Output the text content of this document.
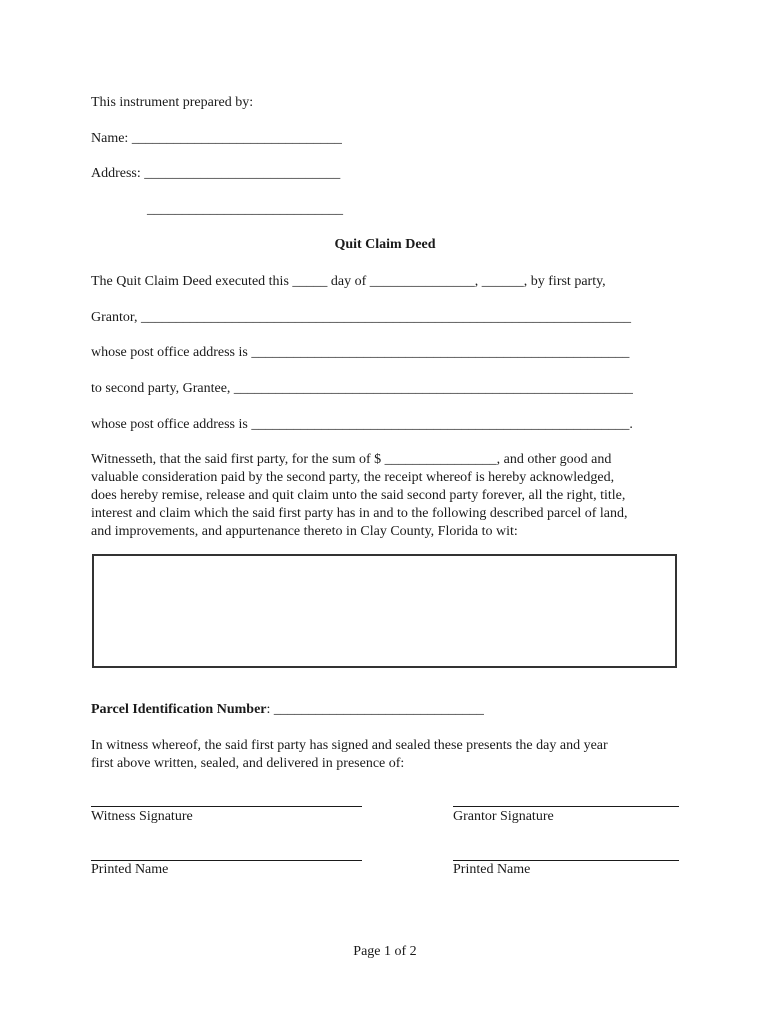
This instrument prepared by:
Name: ______________________________
Address: ____________________________
____________________________
Quit Claim Deed
The Quit Claim Deed executed this _____ day of _______________, ______, by first party,
Grantor, ______________________________________________________________________
whose post office address is ______________________________________________________
to second party, Grantee, _________________________________________________________
whose post office address is ______________________________________________________.
Witnesseth, that the said first party, for the sum of $ ________________, and other good and
valuable consideration paid by the second party, the receipt whereof is hereby acknowledged,
does hereby remise, release and quit claim unto the said second party forever, all the right, title,
interest and claim which the said first party has in and to the following described parcel of land,
and improvements, and appurtenance thereto in Clay County, Florida to wit:
Parcel Identification Number: ______________________________
In witness whereof, the said first party has signed and sealed these presents the day and year
first above written, sealed, and delivered in presence of:
Witness Signature	Grantor Signature
Printed Name	Printed Name
Page 1 of 2
